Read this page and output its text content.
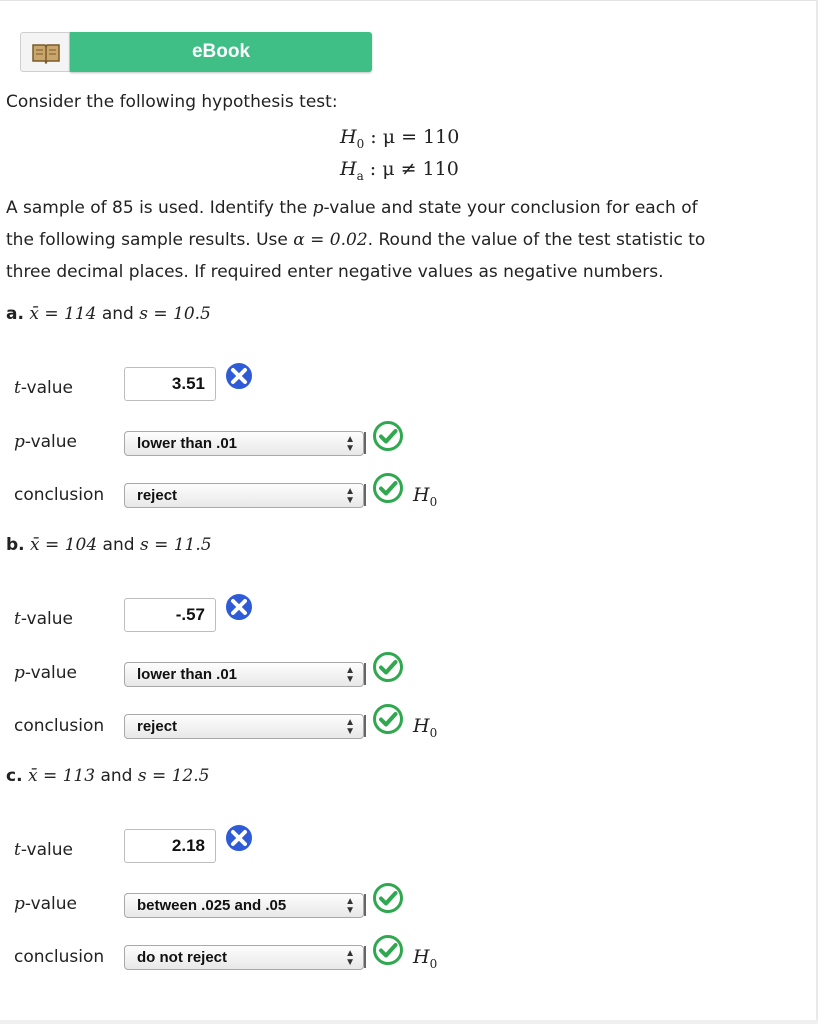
eBook
Consider the following hypothesis test:
$H_0$ : μ = 110
$H_a$ : μ ≠ 110
A sample of 85 is used. Identify the p-value and state your conclusion for each of
the following sample results. Use α = 0.02. Round the value of the test statistic to
three decimal places. If required enter negative values as negative numbers.
a. x̄ = 114 and s = 10.5
t-value	3.51
p-value	lower than .01	▲
▼
conclusion reject	▲
▼	$H_0$
b. x̄ = 104 and s = 11.5
t-value	-.57
p-value	lower than .01	▲
▼
conclusion reject	▲
▼	$H_0$
c. x̄ = 113 and s = 12.5
t-value	2.18
p-value	between .025 and .05	▲
▼
conclusion do not reject	▲
▼	$H_0$
